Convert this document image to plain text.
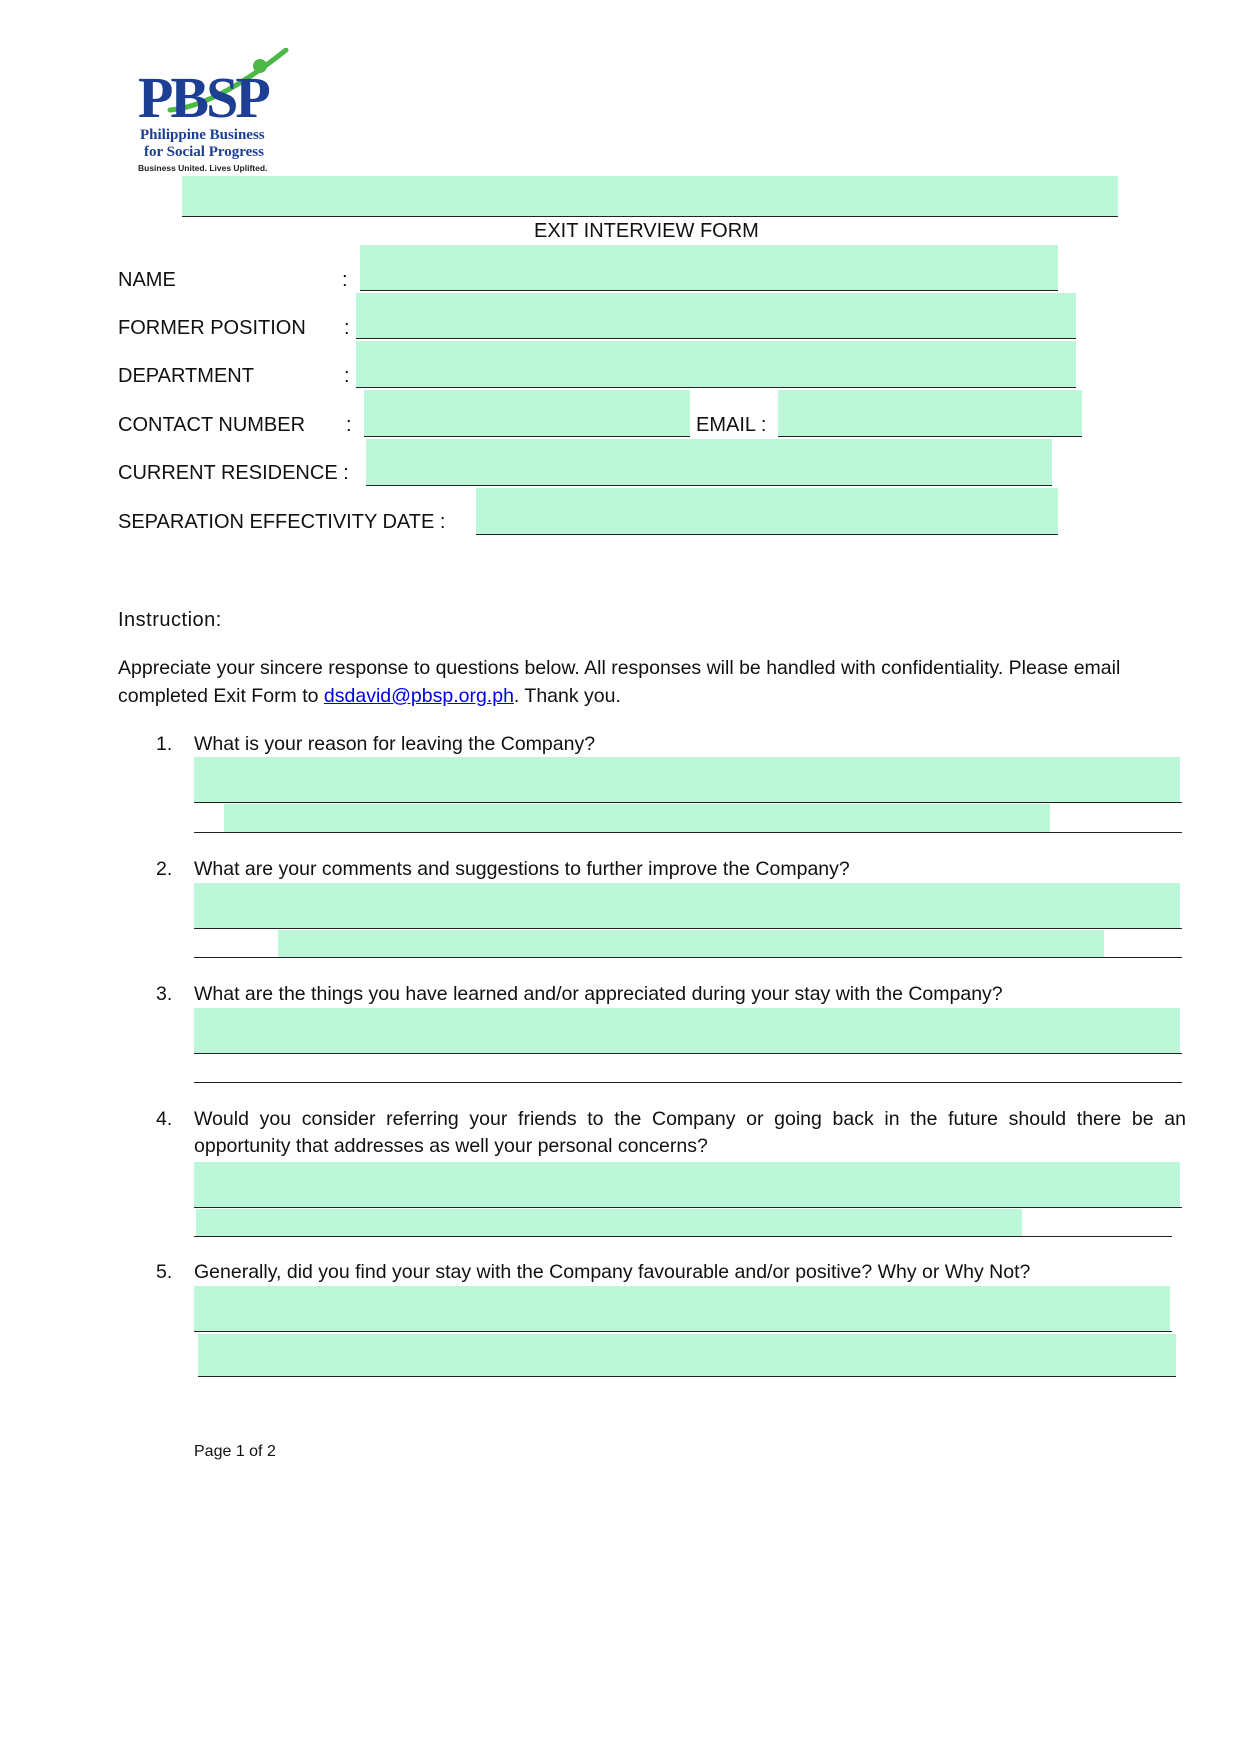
PBSP
Philippine Business
for Social Progress
Business United. Lives Uplifted.
EXIT INTERVIEW FORM
NAME	:
FORMER POSITION :
DEPARTMENT	:
CONTACT NUMBER :	EMAIL :
CURRENT RESIDENCE :
SEPARATION EFFECTIVITY DATE :
Instruction:
Appreciate your sincere response to questions below. All responses will be handled with confidentiality. Please email completed Exit Form to dsdavid@pbsp.org.ph. Thank you.
1. What is your reason for leaving the Company?
2. What are your comments and suggestions to further improve the Company?
3. What are the things you have learned and/or appreciated during your stay with the Company?
4. Would you consider referring your friends to the Company or going back in the future should there be an opportunity that addresses as well your personal concerns?
5. Generally, did you find your stay with the Company favourable and/or positive? Why or Why Not?
Page 1 of 2
